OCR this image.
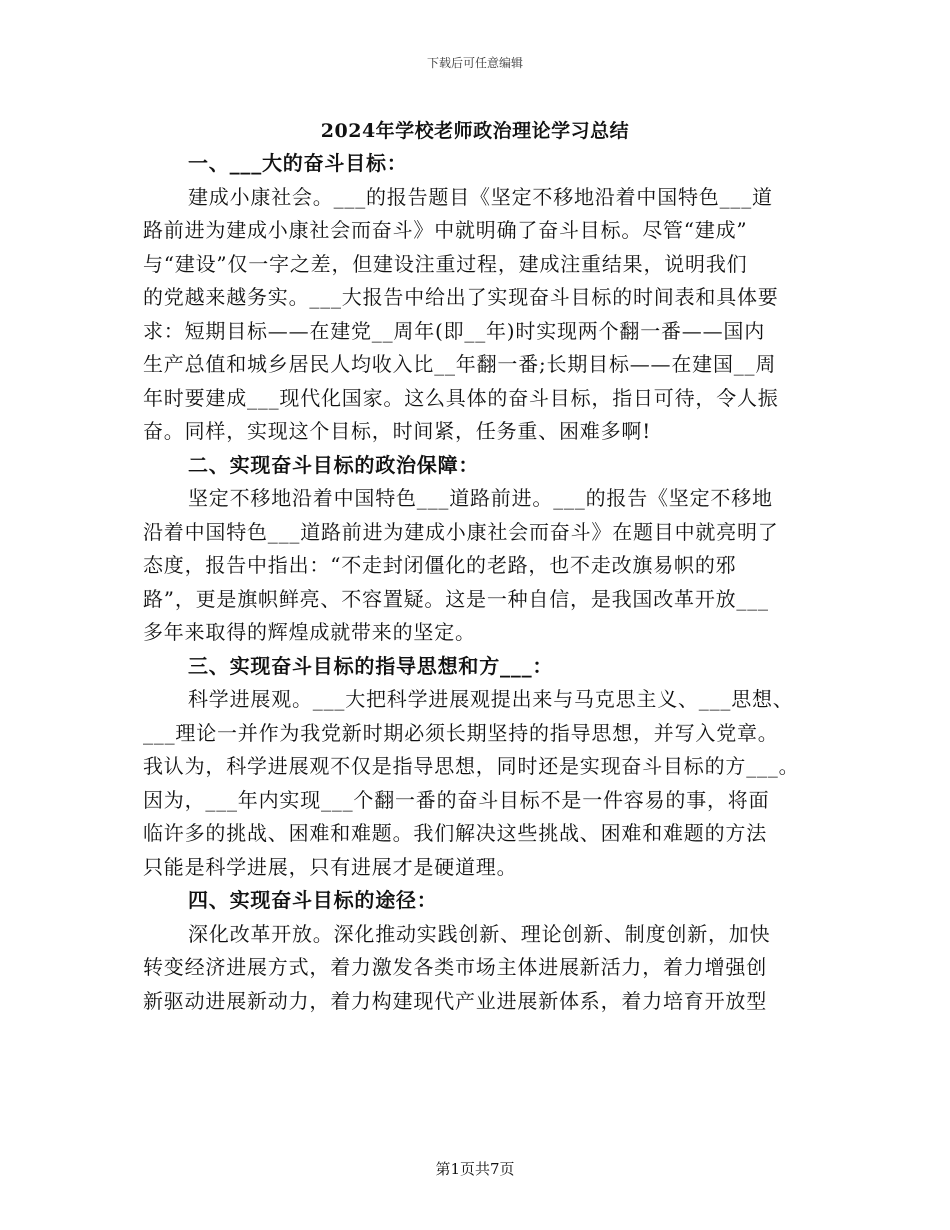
下载后可任意编辑
2024年学校老师政治理论学习总结
一、___大的奋斗目标：
建成小康社会。___的报告题目《坚定不移地沿着中国特色___道
路前进为建成小康社会而奋斗》中就明确了奋斗目标。尽管“建成”
与“建设”仅一字之差，但建设注重过程，建成注重结果，说明我们
的党越来越务实。___大报告中给出了实现奋斗目标的时间表和具体要
求：短期目标——在建党__周年(即__年)时实现两个翻一番——国内
生产总值和城乡居民人均收入比__年翻一番;长期目标——在建国__周
年时要建成___现代化国家。这么具体的奋斗目标，指日可待，令人振
奋。同样，实现这个目标，时间紧，任务重、困难多啊!
二、实现奋斗目标的政治保障：
坚定不移地沿着中国特色___道路前进。___的报告《坚定不移地
沿着中国特色___道路前进为建成小康社会而奋斗》在题目中就亮明了
态度，报告中指出：“不走封闭僵化的老路，也不走改旗易帜的邪
路”，更是旗帜鲜亮、不容置疑。这是一种自信，是我国改革开放___
多年来取得的辉煌成就带来的坚定。
三、实现奋斗目标的指导思想和方___：
科学进展观。___大把科学进展观提出来与马克思主义、___思想、
___理论一并作为我党新时期必须长期坚持的指导思想，并写入党章。
我认为，科学进展观不仅是指导思想，同时还是实现奋斗目标的方___。
因为，___年内实现___个翻一番的奋斗目标不是一件容易的事，将面
临许多的挑战、困难和难题。我们解决这些挑战、困难和难题的方法
只能是科学进展，只有进展才是硬道理。
四、实现奋斗目标的途径：
深化改革开放。深化推动实践创新、理论创新、制度创新，加快
转变经济进展方式，着力激发各类市场主体进展新活力，着力增强创
新驱动进展新动力，着力构建现代产业进展新体系，着力培育开放型
第1页共7页
